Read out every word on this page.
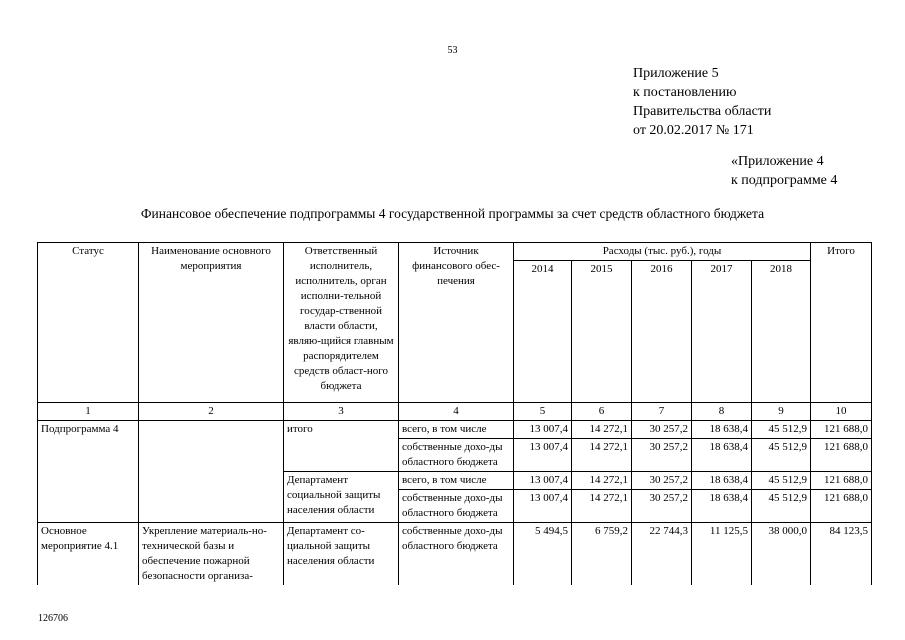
53
Приложение 5
к постановлению
Правительства области
от 20.02.2017 № 171
«Приложение 4
к подпрограмме 4
Финансовое обеспечение подпрограммы 4 государственной программы за счет средств областного бюджета
Статус	Наименование основного мероприятия	Ответственный исполнитель, исполнитель, орган исполни-тельной государ-ственной власти области, являю-щийся главным распорядителем средств област-ного бюджета	Источник финансового обес-печения	Расходы (тыс. руб.), годы					Итого
				2014	2015	2016	2017	2018	
1	2	3	4	5	6	7	8	9	10
Подпрограмма 4		итого	всего, в том числе	13 007,4	14 272,1	30 257,2	18 638,4	45 512,9	121 688,0
			собственные дохо-ды областного бюджета	13 007,4	14 272,1	30 257,2	18 638,4	45 512,9	121 688,0
		Департамент социальной защиты населения области	всего, в том числе	13 007,4	14 272,1	30 257,2	18 638,4	45 512,9	121 688,0
			собственные дохо-ды областного бюджета	13 007,4	14 272,1	30 257,2	18 638,4	45 512,9	121 688,0
Основное мероприятие 4.1	Укрепление материаль-но-технической базы и обеспечение пожарной безопасности организа-	Департамент со-циальной защиты населения области	собственные дохо-ды областного бюджета	5 494,5	6 759,2	22 744,3	11 125,5	38 000,0	84 123,5
126706
